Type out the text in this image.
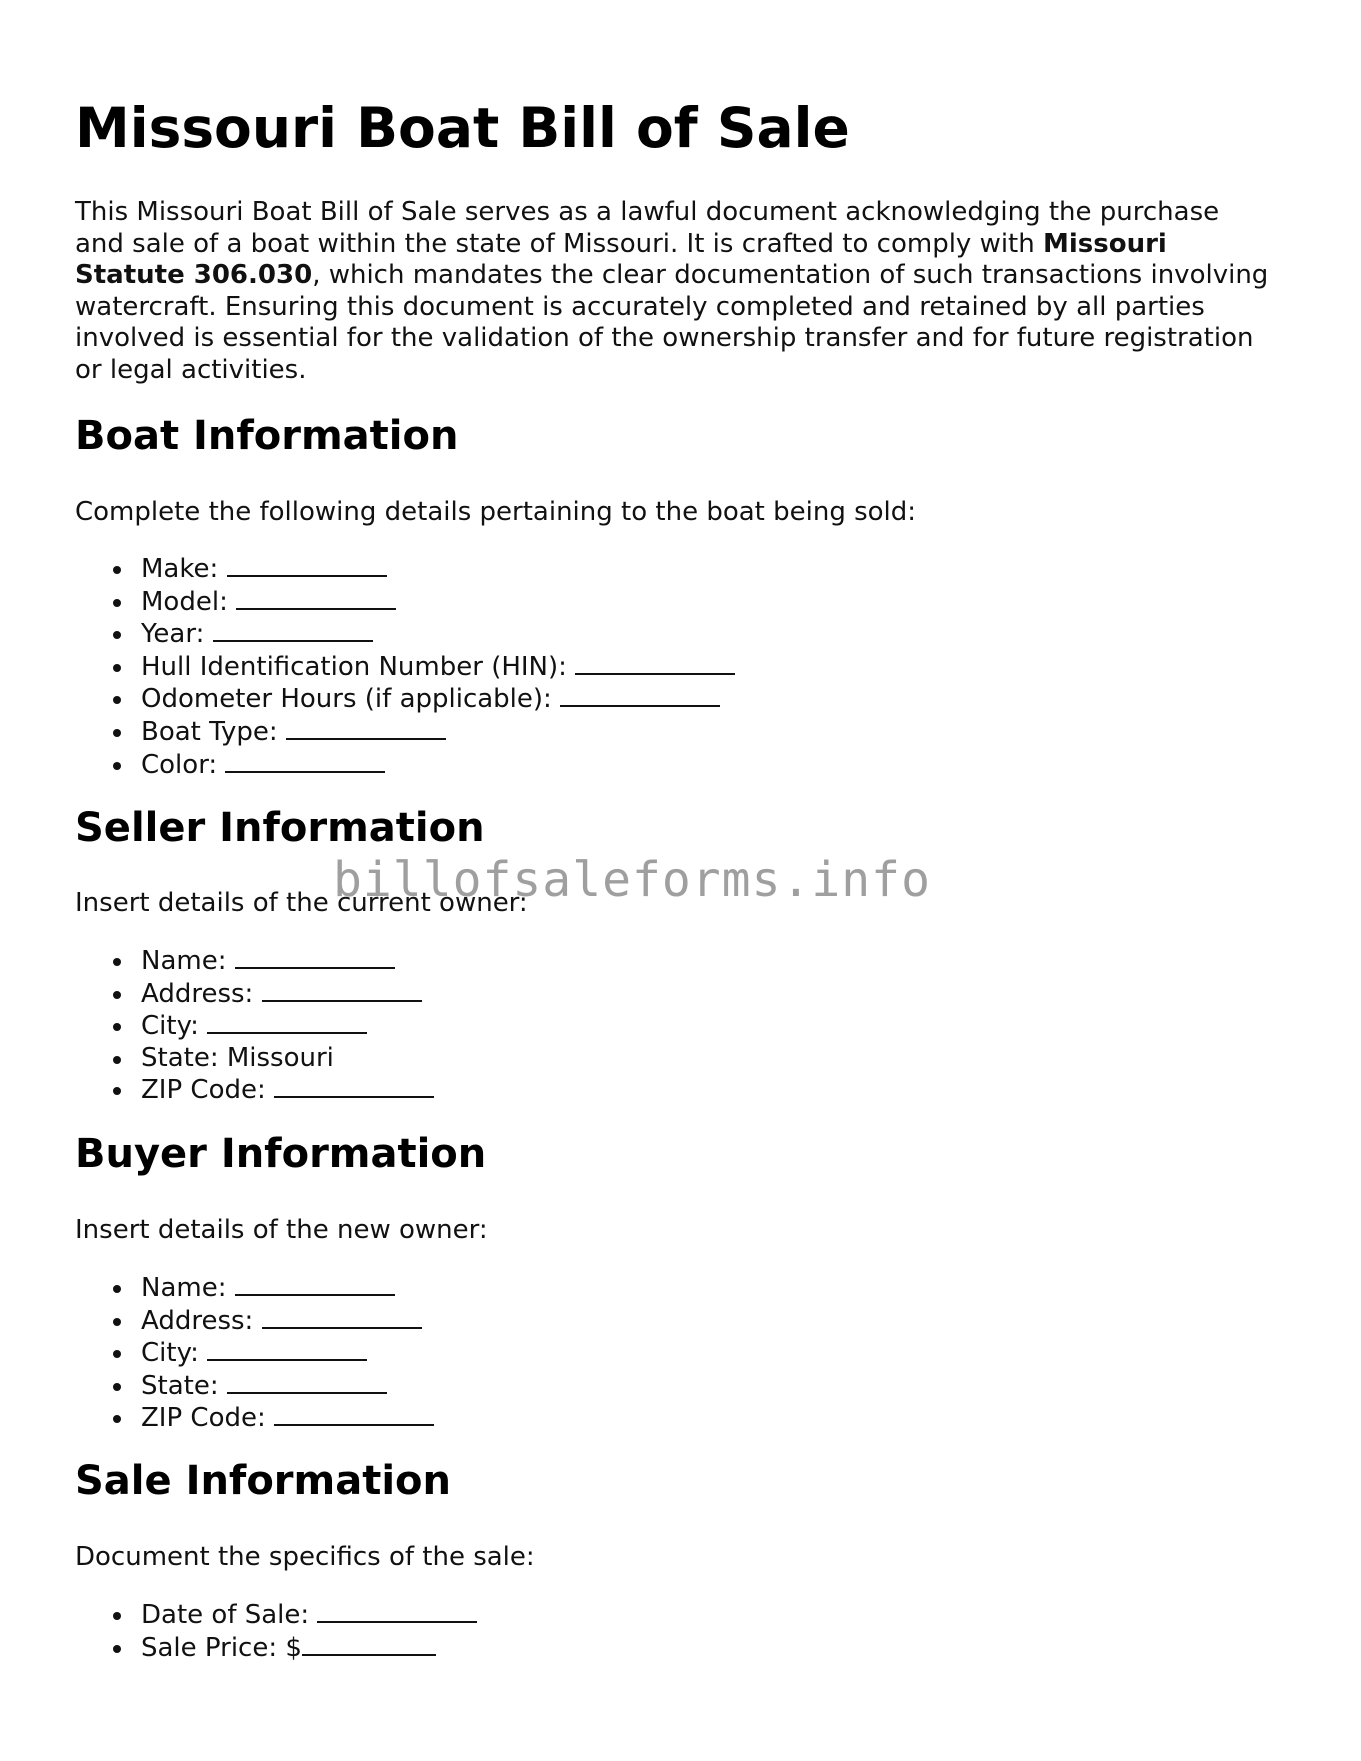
Missouri Boat Bill of Sale

This Missouri Boat Bill of Sale serves as a lawful document acknowledging the purchase and sale of a boat within the state of Missouri. It is crafted to comply with Missouri Statute 306.030, which mandates the clear documentation of such transactions involving watercraft. Ensuring this document is accurately completed and retained by all parties involved is essential for the validation of the ownership transfer and for future registration or legal activities.

Boat Information

Complete the following details pertaining to the boat being sold:

Make:
Model:
Year:
Hull Identification Number (HIN):
Odometer Hours (if applicable):
Boat Type:
Color:
Seller Information

Insert details of the current owner:

Name:
Address:
City:
State: Missouri
ZIP Code:
Buyer Information

Insert details of the new owner:

Name:
Address:
City:
State:
ZIP Code:
Sale Information

Document the specifics of the sale:

Date of Sale:
Sale Price: $
billofsaleforms.info
